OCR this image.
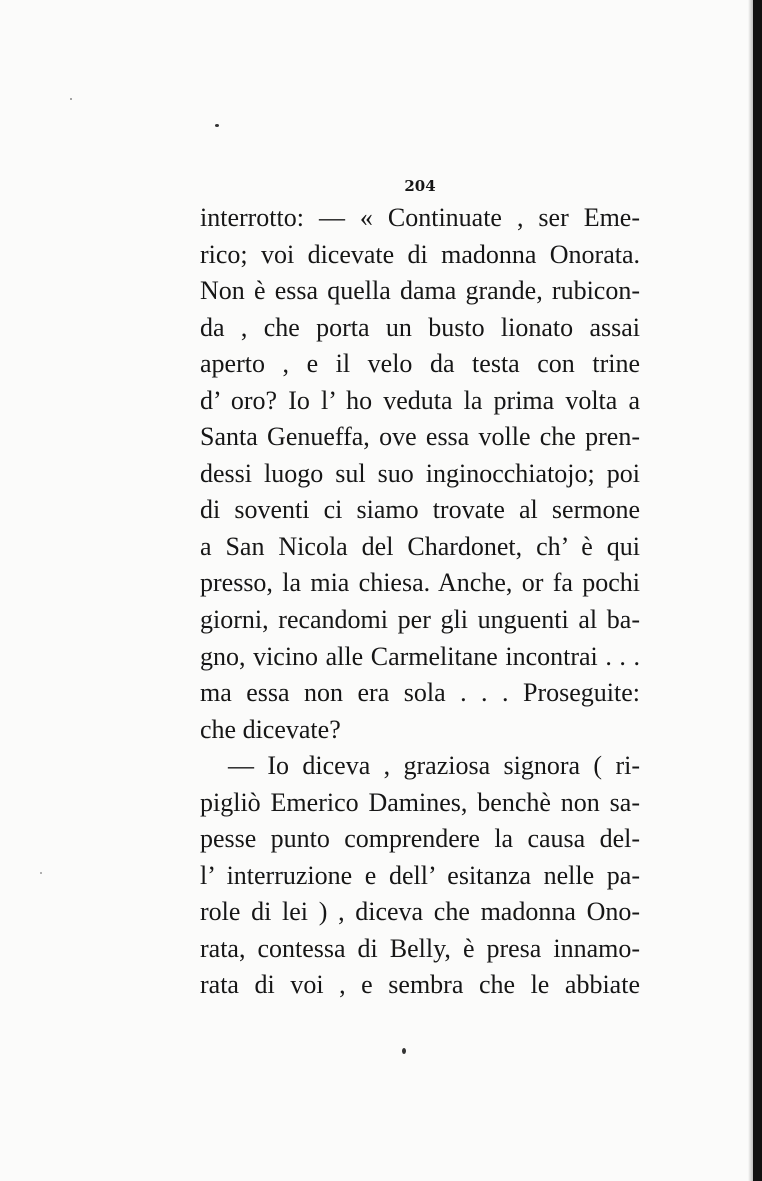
204
interrotto: — « Continuate , ser Eme-
rico; voi dicevate di madonna Onorata.
Non è essa quella dama grande, rubicon-
da , che porta un busto lionato assai
aperto , e il velo da testa con trine
d’ oro? Io l’ ho veduta la prima volta a
Santa Genueffa, ove essa volle che pren-
dessi luogo sul suo inginocchiatojo; poi
di soventi ci siamo trovate al sermone
a San Nicola del Chardonet, ch’ è qui
presso, la mia chiesa. Anche, or fa pochi
giorni, recandomi per gli unguenti al ba-
gno, vicino alle Carmelitane incontrai . . .
ma essa non era sola . . . Proseguite:
che dicevate?
— Io diceva , graziosa signora ( ri-
pigliò Emerico Damines, benchè non sa-
pesse punto comprendere la causa del-
l’ interruzione e dell’ esitanza nelle pa-
role di lei ) , diceva che madonna Ono-
rata, contessa di Belly, è presa innamo-
rata di voi , e sembra che le abbiate
